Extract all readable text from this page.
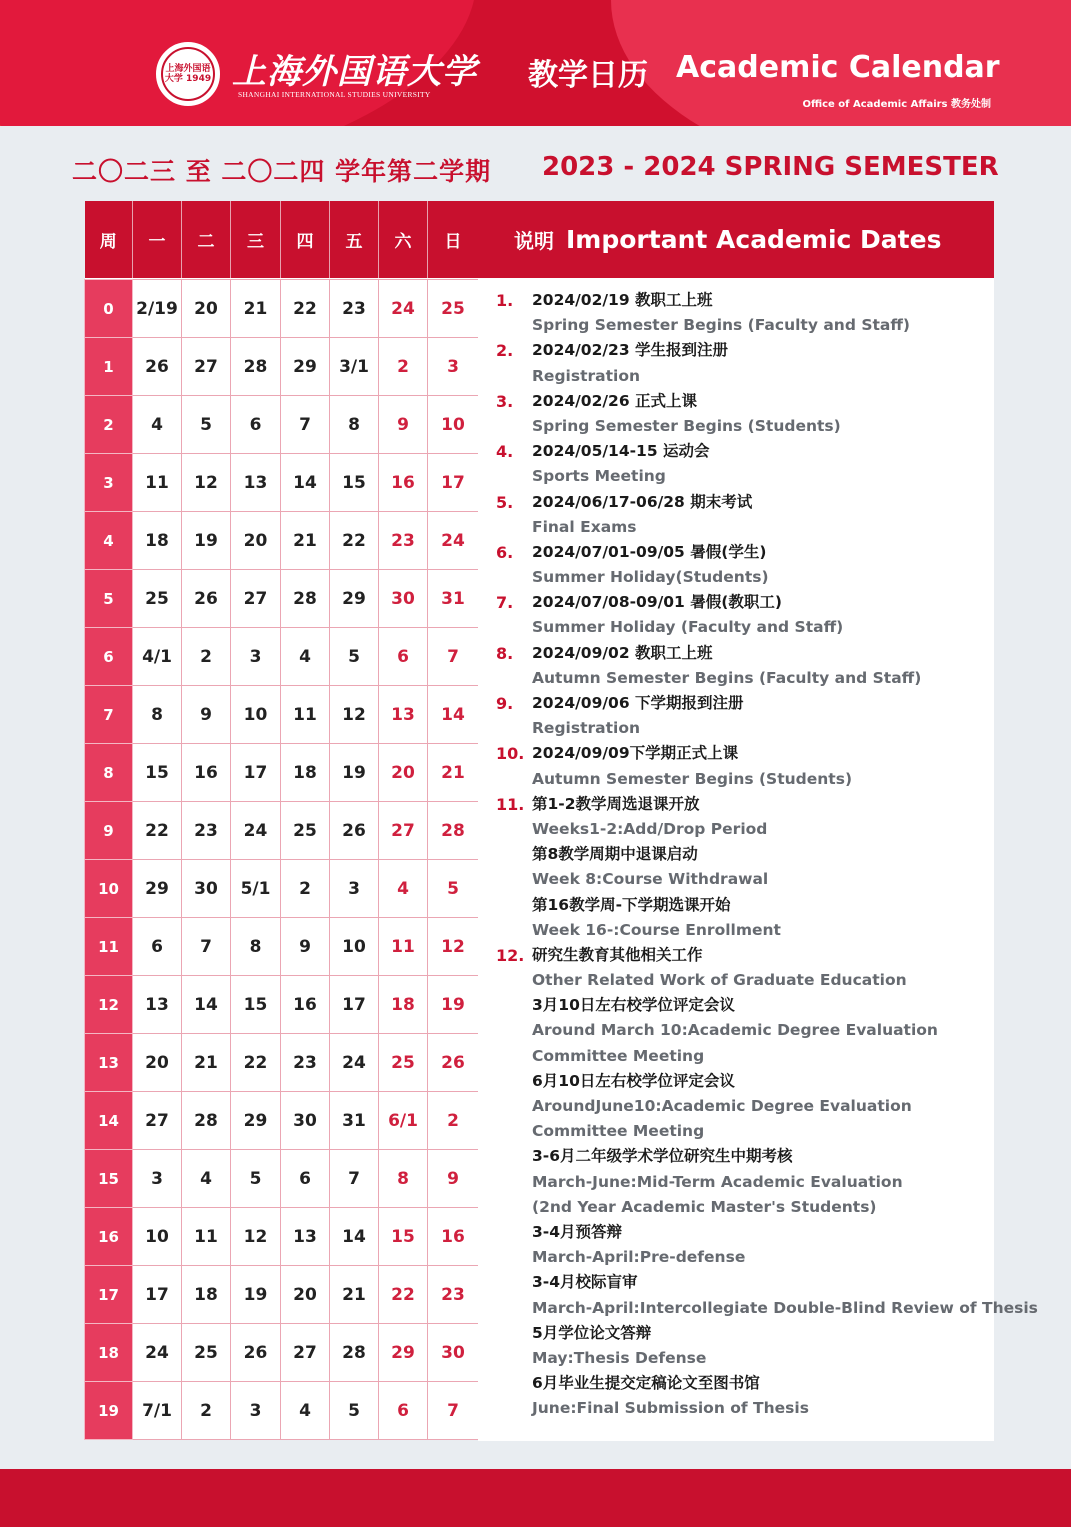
上海外国语大学 1949 上海外国语大学
SHANGHAI INTERNATIONAL STUDIES UNIVERSITY
教学日历 Academic Calendar
Office of Academic Affairs 教务处制
二〇二三 至 二〇二四 学年第二学期 2023 - 2024 SPRING SEMESTER
周	一	二	三	四	五	六	日

0	2/19	20	21	22	23	24	25
1	26	27	28	29	3/1	2	3
2	4	5	6	7	8	9	10
3	11	12	13	14	15	16	17
4	18	19	20	21	22	23	24
5	25	26	27	28	29	30	31
6	4/1	2	3	4	5	6	7
7	8	9	10	11	12	13	14
8	15	16	17	18	19	20	21
9	22	23	24	25	26	27	28
10	29	30	5/1	2	3	4	5
11	6	7	8	9	10	11	12
12	13	14	15	16	17	18	19
13	20	21	22	23	24	25	26
14	27	28	29	30	31	6/1	2
15	3	4	5	6	7	8	9
16	10	11	12	13	14	15	16
17	17	18	19	20	21	22	23
18	24	25	26	27	28	29	30
19	7/1	2	3	4	5	6	7
说明 Important Academic Dates
1. 2024/02/19 教职工上班
Spring Semester Begins (Faculty and Staff)
2. 2024/02/23 学生报到注册
Registration
3. 2024/02/26 正式上课
Spring Semester Begins (Students)
4. 2024/05/14-15 运动会
Sports Meeting
5. 2024/06/17-06/28 期末考试
Final Exams
6. 2024/07/01-09/05 暑假(学生)
Summer Holiday(Students)
7. 2024/07/08-09/01 暑假(教职工)
Summer Holiday (Faculty and Staff)
8. 2024/09/02 教职工上班
Autumn Semester Begins (Faculty and Staff)
9. 2024/09/06 下学期报到注册
Registration
10. 2024/09/09下学期正式上课
Autumn Semester Begins (Students)
11. 第1-2教学周选退课开放
Weeks1-2:Add/Drop Period
第8教学周期中退课启动
Week 8:Course Withdrawal
第16教学周-下学期选课开始
Week 16-:Course Enrollment
12. 研究生教育其他相关工作
Other Related Work of Graduate Education
3月10日左右校学位评定会议
Around March 10:Academic Degree Evaluation
Committee Meeting
6月10日左右校学位评定会议
AroundJune10:Academic Degree Evaluation
Committee Meeting
3-6月二年级学术学位研究生中期考核
March-June:Mid-Term Academic Evaluation
(2nd Year Academic Master's Students)
3-4月预答辩
March-April:Pre-defense
3-4月校际盲审
March-April:Intercollegiate Double-Blind Review of Thesis
5月学位论文答辩
May:Thesis Defense
6月毕业生提交定稿论文至图书馆
June:Final Submission of Thesis
